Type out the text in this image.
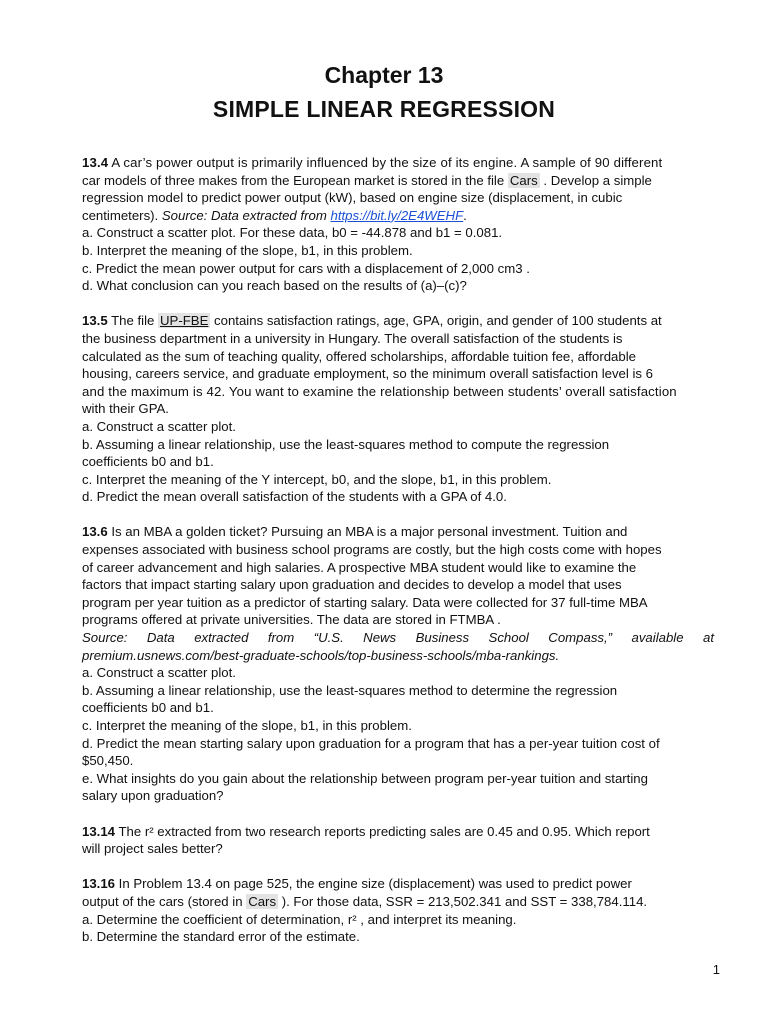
Chapter 13
SIMPLE LINEAR REGRESSION
13.4 A car’s power output is primarily influenced by the size of its engine. A sample of 90 different
car models of three makes from the European market is stored in the file Cars . Develop a simple
regression model to predict power output (kW), based on engine size (displacement, in cubic
centimeters). Source: Data extracted from https://bit.ly/2E4WEHF.
a. Construct a scatter plot. For these data, b0 = -44.878 and b1 = 0.081.
b. Interpret the meaning of the slope, b1, in this problem.
c. Predict the mean power output for cars with a displacement of 2,000 cm3 .
d. What conclusion can you reach based on the results of (a)–(c)?
13.5 The file UP-FBE contains satisfaction ratings, age, GPA, origin, and gender of 100 students at
the business department in a university in Hungary. The overall satisfaction of the students is
calculated as the sum of teaching quality, offered scholarships, affordable tuition fee, affordable
housing, careers service, and graduate employment, so the minimum overall satisfaction level is 6
and the maximum is 42. You want to examine the relationship between students’ overall satisfaction
with their GPA.
a. Construct a scatter plot.
b. Assuming a linear relationship, use the least-squares method to compute the regression
coefficients b0 and b1.
c. Interpret the meaning of the Y intercept, b0, and the slope, b1, in this problem.
d. Predict the mean overall satisfaction of the students with a GPA of 4.0.
13.6 Is an MBA a golden ticket? Pursuing an MBA is a major personal investment. Tuition and
expenses associated with business school programs are costly, but the high costs come with hopes
of career advancement and high salaries. A prospective MBA student would like to examine the
factors that impact starting salary upon graduation and decides to develop a model that uses
program per year tuition as a predictor of starting salary. Data were collected for 37 full-time MBA
programs offered at private universities. The data are stored in FTMBA .
Source: Data extracted from “U.S. News Business School Compass,” available at
premium.usnews.com/best-graduate-schools/top-business-schools/mba-rankings.
a. Construct a scatter plot.
b. Assuming a linear relationship, use the least-squares method to determine the regression
coefficients b0 and b1.
c. Interpret the meaning of the slope, b1, in this problem.
d. Predict the mean starting salary upon graduation for a program that has a per-year tuition cost of
$50,450.
e. What insights do you gain about the relationship between program per-year tuition and starting
salary upon graduation?
13.14 The r² extracted from two research reports predicting sales are 0.45 and 0.95. Which report
will project sales better?
13.16 In Problem 13.4 on page 525, the engine size (displacement) was used to predict power
output of the cars (stored in Cars ). For those data, SSR = 213,502.341 and SST = 338,784.114.
a. Determine the coefficient of determination, r² , and interpret its meaning.
b. Determine the standard error of the estimate.
1
